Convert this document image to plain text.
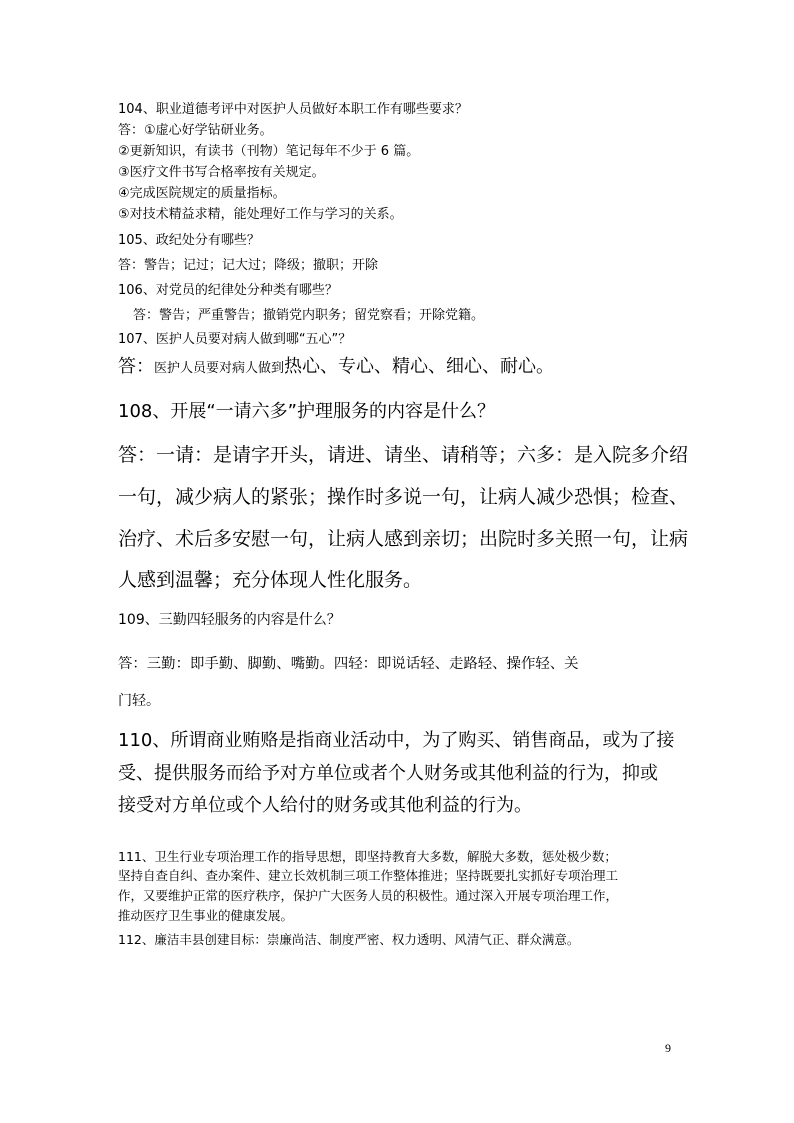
104、职业道德考评中对医护人员做好本职工作有哪些要求？

答：①虚心好学钻研业务。

②更新知识，有读书（刊物）笔记每年不少于 6 篇。

③医疗文件书写合格率按有关规定。

④完成医院规定的质量指标。

⑤对技术精益求精，能处理好工作与学习的关系。

105、政纪处分有哪些？

答：警告；记过；记大过；降级；撤职；开除

106、对党员的纪律处分种类有哪些？

答：警告；严重警告；撤销党内职务；留党察看；开除党籍。

107、医护人员要对病人做到哪“五心”？

答：医护人员要对病人做到热心、专心、精心、细心、耐心。

108、开展“一请六多”护理服务的内容是什么？

答：一请：是请字开头，请进、请坐、请稍等；六多：是入院多介绍

一句，减少病人的紧张；操作时多说一句，让病人减少恐惧；检查、

治疗、术后多安慰一句，让病人感到亲切；出院时多关照一句，让病

人感到温馨；充分体现人性化服务。

109、三勤四轻服务的内容是什么？

答：三勤：即手勤、脚勤、嘴勤。四轻：即说话轻、走路轻、操作轻、关

门轻。

110、所谓商业贿赂是指商业活动中，为了购买、销售商品，或为了接

受、提供服务而给予对方单位或者个人财务或其他利益的行为，抑或

接受对方单位或个人给付的财务或其他利益的行为。

111、卫生行业专项治理工作的指导思想，即坚持教育大多数，解脱大多数，惩处极少数；

坚持自查自纠、查办案件、建立长效机制三项工作整体推进；坚持既要扎实抓好专项治理工

作，又要维护正常的医疗秩序，保护广大医务人员的积极性。通过深入开展专项治理工作，

推动医疗卫生事业的健康发展。

112、廉洁丰县创建目标：崇廉尚洁、制度严密、权力透明、风清气正、群众满意。

9
